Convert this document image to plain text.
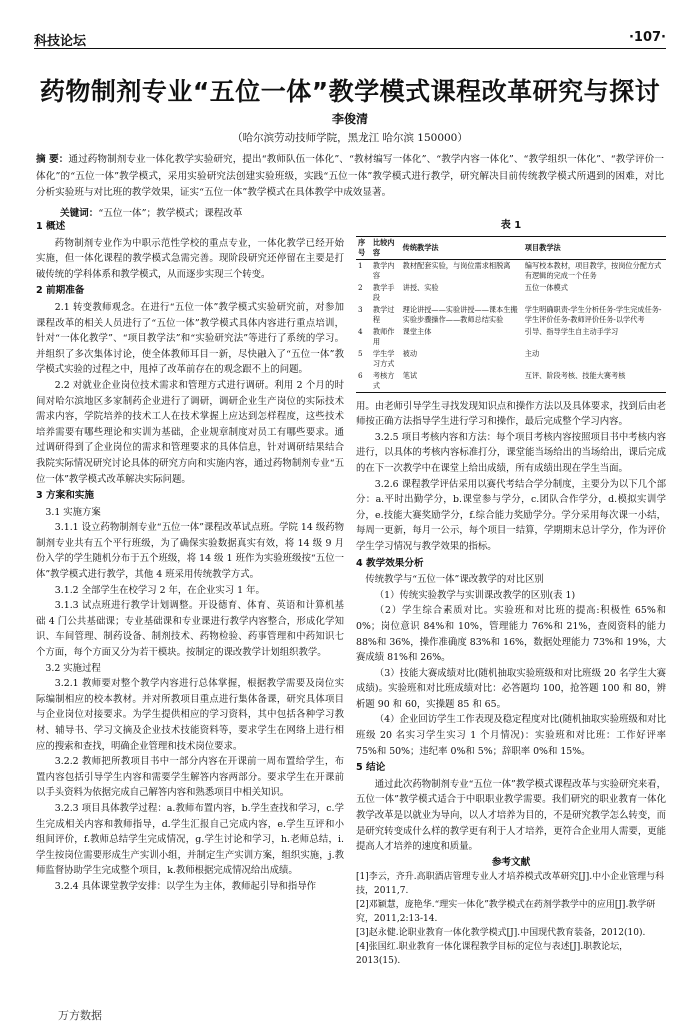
科技论坛	·107·
药物制剂专业“五位一体”教学模式课程改革研究与探讨
李俊清
（哈尔滨劳动技师学院，黑龙江 哈尔滨 150000）
摘 要：通过药物制剂专业一体化教学实验研究，提出“教师队伍一体化”、“教材编写一体化”、“教学内容一体化”、“教学组织一体化”、“教学评价一体化”的“五位一体”教学模式，采用实验研究法创建实验班级，实践“五位一体”教学模式进行教学，研究解决目前传统教学模式所遇到的困难，对比分析实验班与对比班的教学效果，证实“五位一体”教学模式在具体教学中成效显著。
关键词：“五位一体”；教学模式；课程改革
1 概述

药物制剂专业作为中职示范性学校的重点专业，一体化教学已经开始实施，但一体化课程的教学模式急需完善。现阶段研究还停留在主要是打破传统的学科体系和教学模式，从而逐步实现三个转变。

2 前期准备

2.1 转变教师观念。在进行“五位一体”教学模式实验研究前，对参加课程改革的相关人员进行了“五位一体”教学模式具体内容进行重点培训，针对“一体化教学”、“项目教学法”和“实验研究法”等进行了系统的学习。并组织了多次集体讨论，使全体教师耳目一新，尽快融入了“五位一体”教学模式实验的过程之中，甩掉了改革前存在的观念跟不上的问题。

2.2 对就业企业岗位技术需求和管理方式进行调研。利用 2 个月的时间对哈尔滨地区多家制药企业进行了调研，调研企业生产岗位的实际技术需求内容，学院培养的技术工人在技术掌握上应达到怎样程度，这些技术培养需要有哪些理论和实训为基础，企业规章制度对员工有哪些要求。通过调研得到了企业岗位的需求和管理要求的具体信息，针对调研结果结合我院实际情况研究讨论具体的研究方向和实施内容，通过药物制剂专业“五位一体”教学模式改革解决实际问题。

3 方案和实施
3.1 实施方案

3.1.1 设立药物制剂专业“五位一体”课程改革试点班。学院 14 级药物制剂专业共有五个平行班级，为了确保实验数据真实有效，将 14 级 9 月份入学的学生随机分布于五个班级，将 14 级 1 班作为实验班级按“五位一体”教学模式进行教学，其他 4 班采用传统教学方式。

3.1.2 全部学生在校学习 2 年，在企业实习 1 年。

3.1.3 试点班进行教学计划调整。开设德育、体育、英语和计算机基础 4 门公共基础课；专业基础课和专业课进行教学内容整合，形成化学知识、车间管理、制药设备、制剂技术、药物检验、药事管理和中药知识七个方面，每个方面又分为若干模块。按制定的课改教学计划组织教学。

3.2 实施过程

3.2.1 教师要对整个教学内容进行总体掌握，根据教学需要及岗位实际编制相应的校本教材。并对所教项目重点进行集体备课，研究具体项目与企业岗位对接要求。为学生提供相应的学习资料，其中包括各种学习教材、辅导书、学习文摘及企业技术技能资料等，要求学生在网络上进行相应的搜索和查找，明确企业管理和技术岗位要求。

3.2.2 教师把所教项目书中一部分内容在开课前一周布置给学生，布置内容包括引导学生内容和需要学生解答内容两部分。要求学生在开课前以手头资料为依据完成自己解答内容和熟悉项目中相关知识。

3.2.3 项目具体教学过程：a.教师布置内容，b.学生查找和学习，c.学生完成相关内容和教师指导，d.学生汇报自己完成内容，e.学生互评和小组间评价，f.教师总结学生完成情况，g.学生讨论和学习，h.老师总结，i.学生按岗位需要形成生产实训小组，并制定生产实训方案，组织实施，j.教师监督协助学生完成整个项目，k.教师根据完成情况给出成绩。

3.2.4 具体课堂教学安排：以学生为主体，教师起引导和指导作

表 1
序号	比较内容	传统教学法	项目教学法
1	教学内容	教材配套实验，与岗位需求相脱离	编写校本教材，项目教学，按岗位分配方式有逻辑的完成一个任务
2	教学手段	讲授、实验	五位一体模式
3	教学过程	理论讲授——实验讲授——课本生搬实验步骤操作——教师总结实验	学生明确职责-学生分析任务-学生完成任务-学生评价任务-教师评价任务-以学代考
4	教师作用	课堂主体	引导、指导学生自主动手学习
5	学生学习方式	被动	主动
6	考核方式	笔试	互评、阶段考核、技能大赛考核

用。由老师引导学生寻找发现知识点和操作方法以及具体要求，找到后由老师按正确方法指导学生进行学习和操作，最后完成整个学习内容。

3.2.5 项目考核内容和方法：每个项目考核内容按照项目书中考核内容进行，以具体的考核内容标准打分，课堂能当场给出的当场给出，课后完成的在下一次教学中在课堂上给出成绩，所有成绩出现在学生当面。

3.2.6 课程教学评估采用以赛代考结合学分制度，主要分为以下几个部分：a.平时出勤学分，b.课堂参与学分，c.团队合作学分，d.模拟实训学分，e.技能大赛奖励学分，f.综合能力奖励学分。学分采用每次课一小结，每周一更新，每月一公示，每个项目一结算，学期期末总计学分，作为评价学生学习情况与教学效果的指标。

4 教学效果分析
传统教学与“五位一体”课改教学的对比区别

（1）传统实验教学与实训课改教学的区别(表 1)

（2）学生综合素质对比。实验班和对比班的提高:积极性 65%和 0%；岗位意识 84%和 10%，管理能力 76%和 21%，查阅资料的能力 88%和 36%，操作准确度 83%和 16%，数据处理能力 73%和 19%，大赛成绩 81%和 26%。

（3）技能大赛成绩对比(随机抽取实验班级和对比班级 20 名学生大赛成绩)。实验班和对比班成绩对比：必答题均 100，抢答题 100 和 80，辨析题 90 和 60，实操题 85 和 65。

（4）企业回访学生工作表现及稳定程度对比(随机抽取实验班级和对比班级 20 名实习学生实习 1 个月情况)：实验班和对比班：工作好评率 75%和 50%；违纪率 0%和 5%；辞职率 0%和 15%。

5 结论

通过此次药物制剂专业“五位一体”教学模式课程改革与实验研究来看，五位一体”教学模式适合于中职职业教学需要。我们研究的职业教育一体化教学改革是以就业为导向，以人才培养为目的，不是研究教学怎么转变，而是研究转变成什么样的教学更有利于人才培养，更符合企业用人需要，更能提高人才培养的速度和质量。

参考文献
[1]李云，齐升.高职酒店管理专业人才培养模式改革研究[J].中小企业管理与科技，2011,7.
[2]邓颖慧，庞艳华.“理实一体化”教学模式在药剂学教学中的应用[J].教学研究，2011,2:13-14.
[3]赵永健.论职业教育一体化教学模式[J].中国现代教育装备，2012(10).
[4]张国红.职业教育一体化课程教学目标的定位与表述[J].职教论坛，2013(15).
万方数据
